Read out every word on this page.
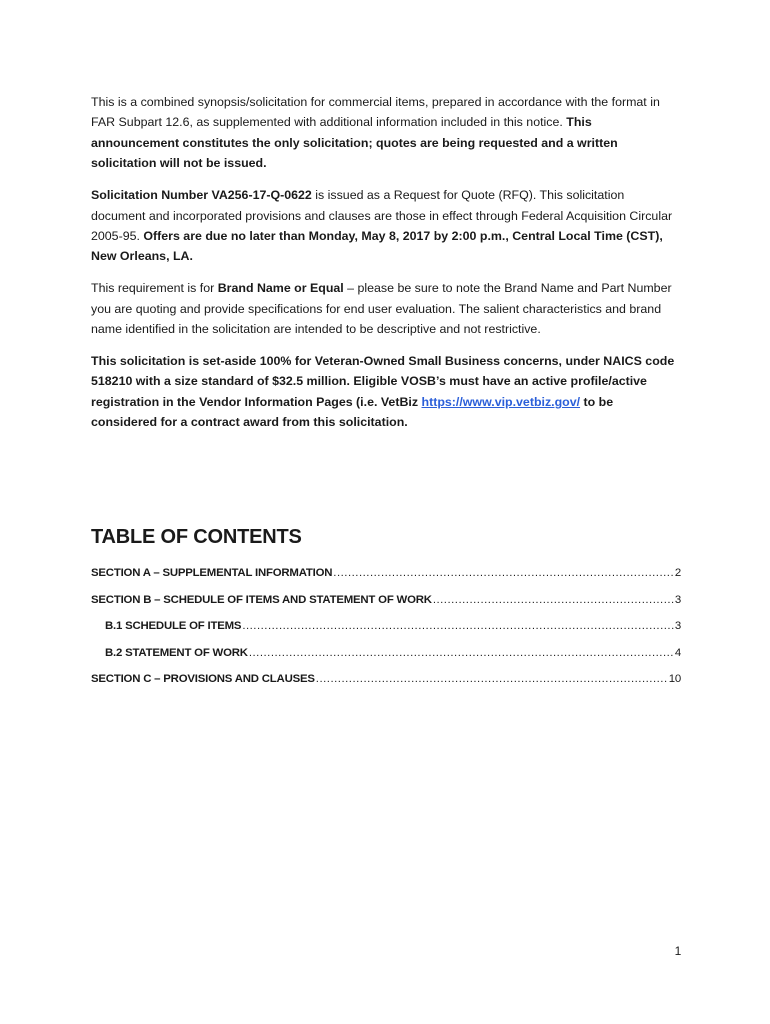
This is a combined synopsis/solicitation for commercial items, prepared in accordance with the format in FAR Subpart 12.6, as supplemented with additional information included in this notice. This announcement constitutes the only solicitation; quotes are being requested and a written solicitation will not be issued.

Solicitation Number VA256-17-Q-0622 is issued as a Request for Quote (RFQ). This solicitation document and incorporated provisions and clauses are those in effect through Federal Acquisition Circular 2005-95. Offers are due no later than Monday, May 8, 2017 by 2:00 p.m., Central Local Time (CST), New Orleans, LA.

This requirement is for Brand Name or Equal – please be sure to note the Brand Name and Part Number you are quoting and provide specifications for end user evaluation. The salient characteristics and brand name identified in the solicitation are intended to be descriptive and not restrictive.

This solicitation is set-aside 100% for Veteran-Owned Small Business concerns, under NAICS code 518210 with a size standard of $32.5 million. Eligible VOSB’s must have an active profile/active registration in the Vendor Information Pages (i.e. VetBiz https://www.vip.vetbiz.gov/ to be considered for a contract award from this solicitation.

TABLE OF CONTENTS
SECTION A – SUPPLEMENTAL INFORMATION .....	2
SECTION B – SCHEDULE OF ITEMS AND STATEMENT OF WORK .....	3
B.1 SCHEDULE OF ITEMS .....	3
B.2 STATEMENT OF WORK .....	4
SECTION C – PROVISIONS AND CLAUSES .....	10
1
